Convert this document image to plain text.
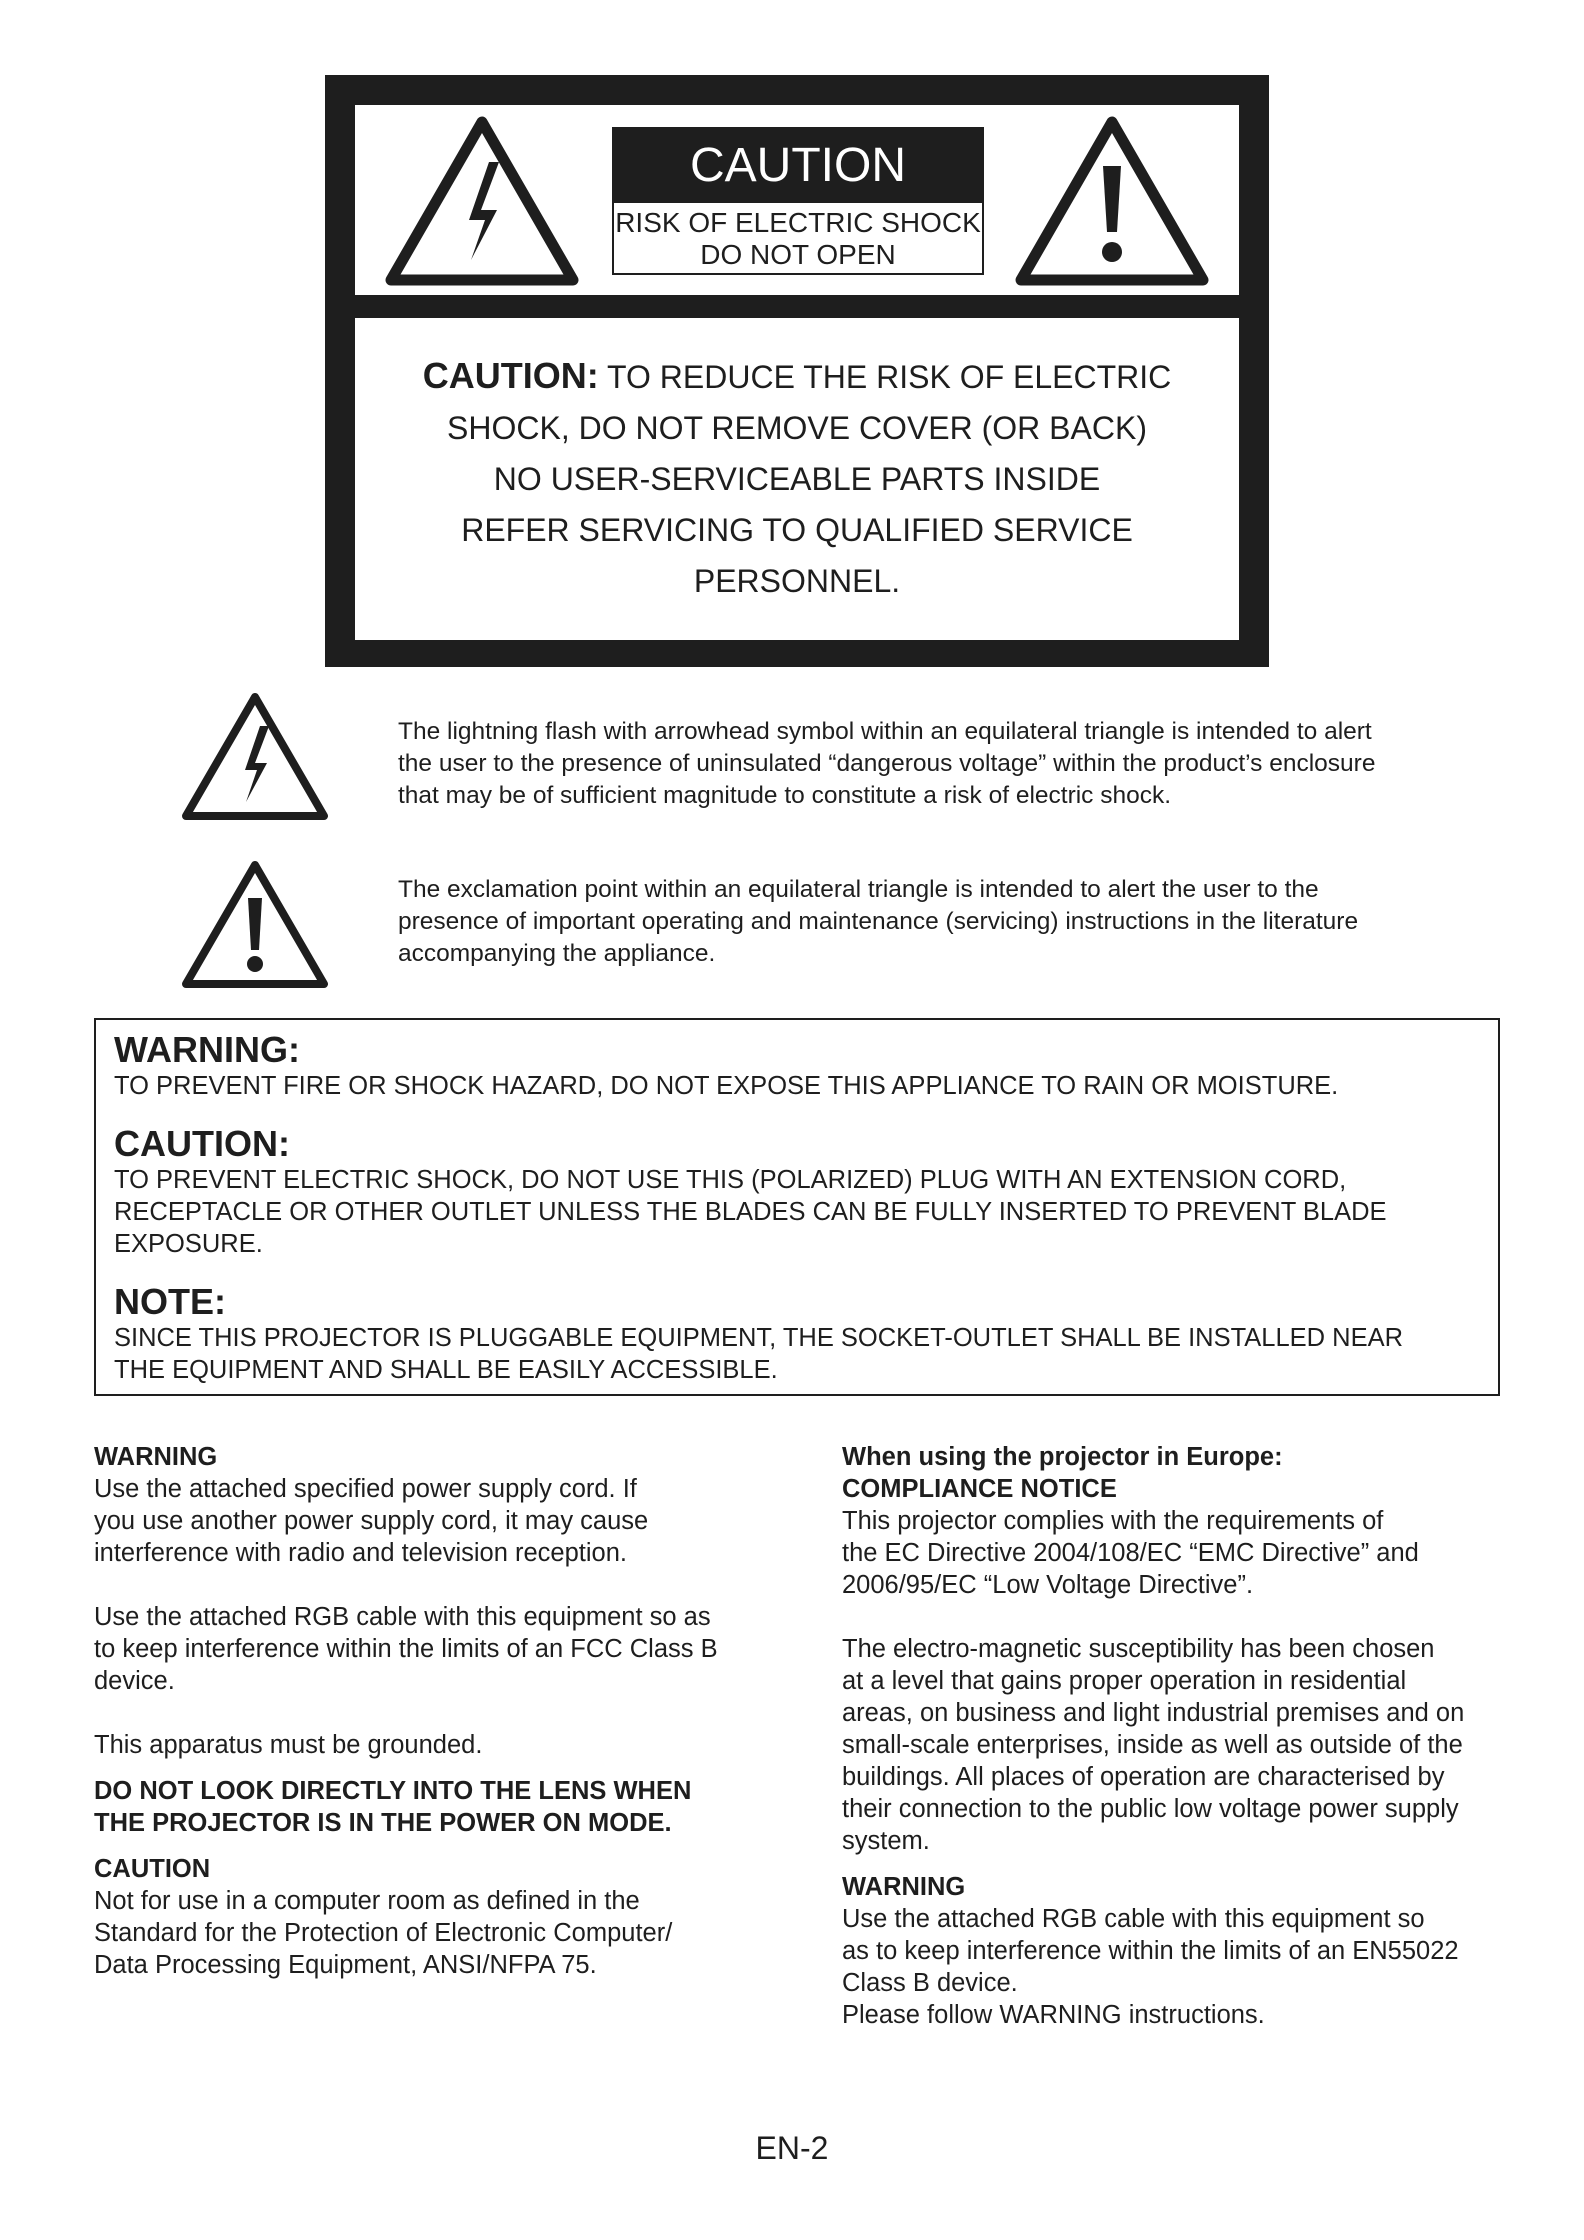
CAUTION
RISK OF ELECTRIC SHOCK
DO NOT OPEN
CAUTION: TO REDUCE THE RISK OF ELECTRIC
SHOCK, DO NOT REMOVE COVER (OR BACK)
NO USER-SERVICEABLE PARTS INSIDE
REFER SERVICING TO QUALIFIED SERVICE
PERSONNEL.
The lightning flash with arrowhead symbol within an equilateral triangle is intended to alert
the user to the presence of uninsulated “dangerous voltage” within the product’s enclosure
that may be of sufficient magnitude to constitute a risk of electric shock.
The exclamation point within an equilateral triangle is intended to alert the user to the
presence of important operating and maintenance (servicing) instructions in the literature
accompanying the appliance.
WARNING:
TO PREVENT FIRE OR SHOCK HAZARD, DO NOT EXPOSE THIS APPLIANCE TO RAIN OR MOISTURE.
CAUTION:
TO PREVENT ELECTRIC SHOCK, DO NOT USE THIS (POLARIZED) PLUG WITH AN EXTENSION CORD,
RECEPTACLE OR OTHER OUTLET UNLESS THE BLADES CAN BE FULLY INSERTED TO PREVENT BLADE
EXPOSURE.
NOTE:
SINCE THIS PROJECTOR IS PLUGGABLE EQUIPMENT, THE SOCKET-OUTLET SHALL BE INSTALLED NEAR
THE EQUIPMENT AND SHALL BE EASILY ACCESSIBLE.
WARNING

Use the attached specified power supply cord. If
you use another power supply cord, it may cause
interference with radio and television reception.

Use the attached RGB cable with this equipment so as
to keep interference within the limits of an FCC Class B
device.

This apparatus must be grounded.

DO NOT LOOK DIRECTLY INTO THE LENS WHEN
THE PROJECTOR IS IN THE POWER ON MODE.

CAUTION

Not for use in a computer room as defined in the
Standard for the Protection of Electronic Computer/
Data Processing Equipment, ANSI/NFPA 75.

When using the projector in Europe:
COMPLIANCE NOTICE

This projector complies with the requirements of
the EC Directive 2004/108/EC “EMC Directive” and
2006/95/EC “Low Voltage Directive”.

The electro-magnetic susceptibility has been chosen
at a level that gains proper operation in residential
areas, on business and light industrial premises and on
small-scale enterprises, inside as well as outside of the
buildings. All places of operation are characterised by
their connection to the public low voltage power supply
system.

WARNING

Use the attached RGB cable with this equipment so
as to keep interference within the limits of an EN55022
Class B device.
Please follow WARNING instructions.

EN-2
